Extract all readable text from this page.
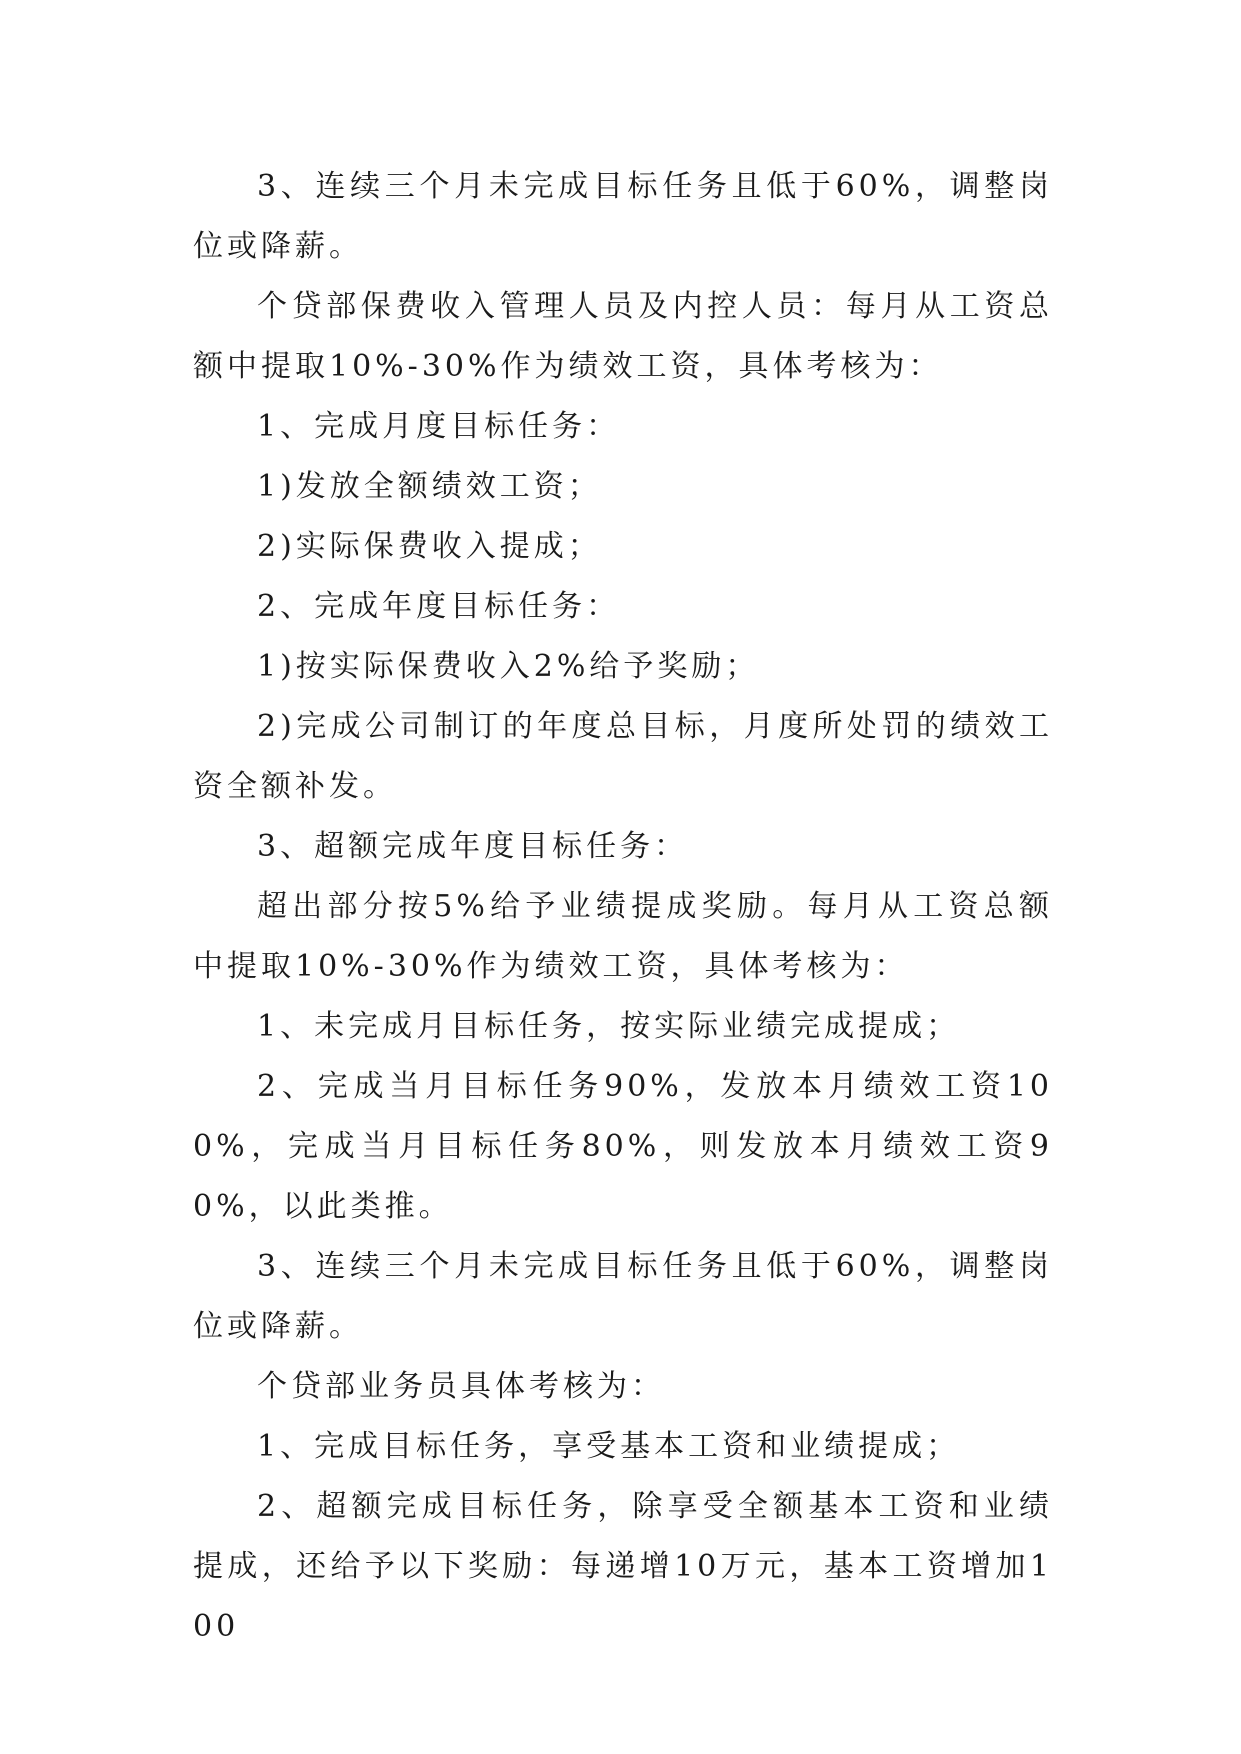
3、连续三个月未完成目标任务且低于60%，调整岗位或降薪。

个贷部保费收入管理人员及内控人员：每月从工资总额中提取10%-30%作为绩效工资，具体考核为：

1、完成月度目标任务：

1)发放全额绩效工资；

2)实际保费收入提成；

2、完成年度目标任务：

1)按实际保费收入2%给予奖励；

2)完成公司制订的年度总目标，月度所处罚的绩效工资全额补发。

3、超额完成年度目标任务：

超出部分按5%给予业绩提成奖励。每月从工资总额中提取10%-30%作为绩效工资，具体考核为：

1、未完成月目标任务，按实际业绩完成提成；

2、完成当月目标任务90%，发放本月绩效工资100%，完成当月目标任务80%，则发放本月绩效工资90%，以此类推。

3、连续三个月未完成目标任务且低于60%，调整岗位或降薪。

个贷部业务员具体考核为：

1、完成目标任务，享受基本工资和业绩提成；

2、超额完成目标任务，除享受全额基本工资和业绩提成，还给予以下奖励：每递增10万元，基本工资增加100
